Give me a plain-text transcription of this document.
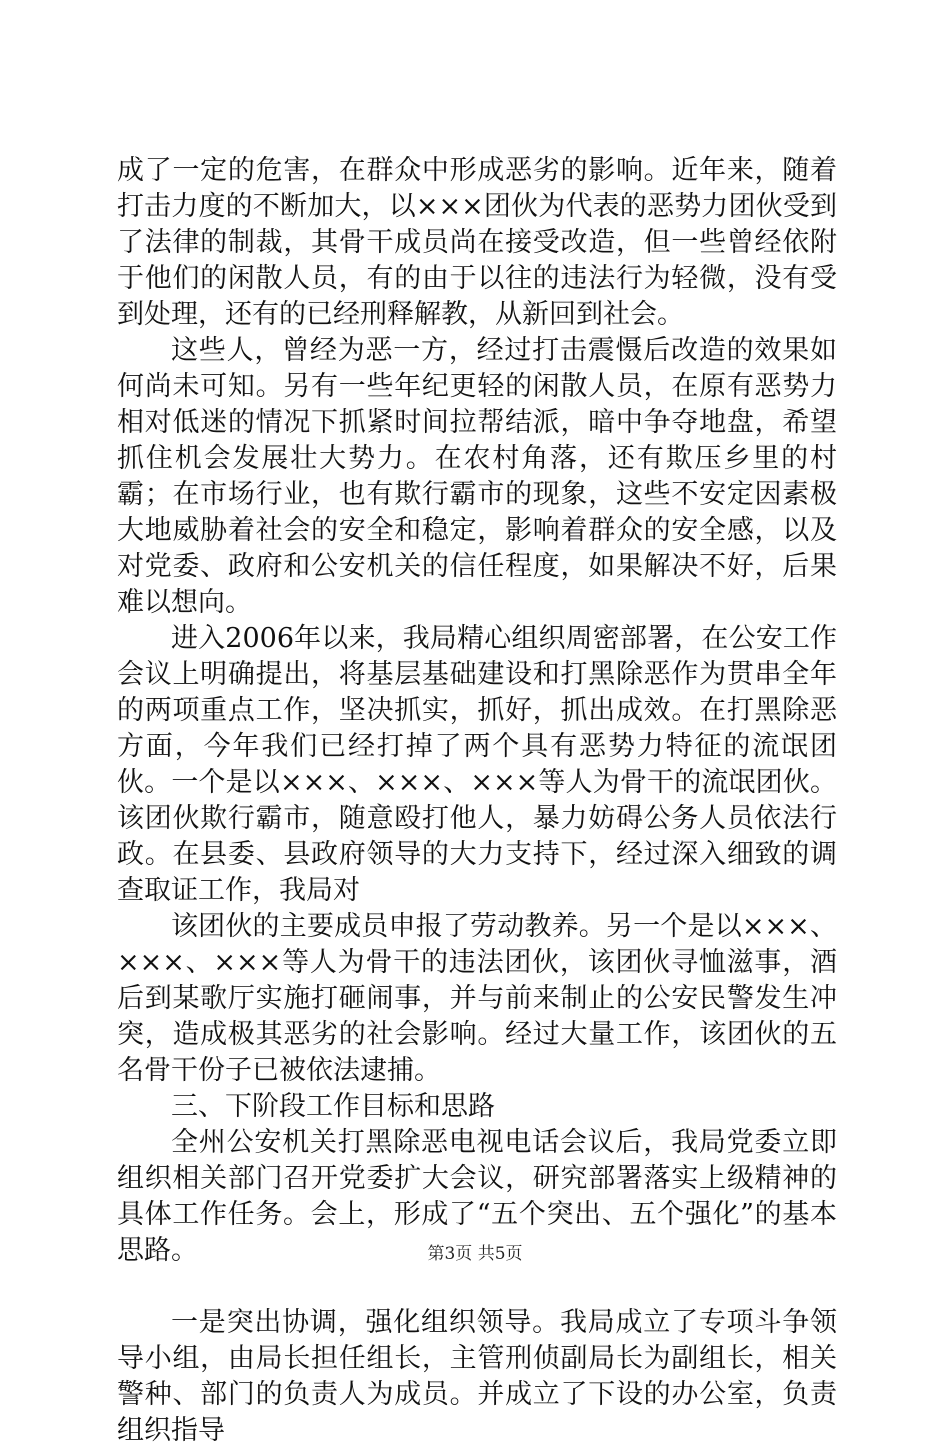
成了一定的危害，在群众中形成恶劣的影响。近年来，随着打击力度的不断加大，以×××团伙为代表的恶势力团伙受到了法律的制裁，其骨干成员尚在接受改造，但一些曾经依附于他们的闲散人员，有的由于以往的违法行为轻微，没有受到处理，还有的已经刑释解教，从新回到社会。

这些人，曾经为恶一方，经过打击震慑后改造的效果如何尚未可知。另有一些年纪更轻的闲散人员，在原有恶势力相对低迷的情况下抓紧时间拉帮结派，暗中争夺地盘，希望抓住机会发展壮大势力。在农村角落，还有欺压乡里的村霸；在市场行业，也有欺行霸市的现象，这些不安定因素极大地威胁着社会的安全和稳定，影响着群众的安全感，以及对党委、政府和公安机关的信任程度，如果解决不好，后果难以想向。

进入2006年以来，我局精心组织周密部署，在公安工作会议上明确提出，将基层基础建设和打黑除恶作为贯串全年的两项重点工作，坚决抓实，抓好，抓出成效。在打黑除恶方面，今年我们已经打掉了两个具有恶势力特征的流氓团伙。一个是以×××、×××、×××等人为骨干的流氓团伙。该团伙欺行霸市，随意殴打他人，暴力妨碍公务人员依法行政。在县委、县政府领导的大力支持下，经过深入细致的调查取证工作，我局对

该团伙的主要成员申报了劳动教养。另一个是以×××、×××、×××等人为骨干的违法团伙，该团伙寻恤滋事，酒后到某歌厅实施打砸闹事，并与前来制止的公安民警发生冲突，造成极其恶劣的社会影响。经过大量工作，该团伙的五名骨干份子已被依法逮捕。

三、下阶段工作目标和思路

全州公安机关打黑除恶电视电话会议后，我局党委立即组织相关部门召开党委扩大会议，研究部署落实上级精神的具体工作任务。会上，形成了“五个突出、五个强化”的基本思路。

一是突出协调，强化组织领导。我局成立了专项斗争领导小组，由局长担任组长，主管刑侦副局长为副组长，相关警种、部门的负责人为成员。并成立了下设的办公室，负责组织指导

第3页 共5页
